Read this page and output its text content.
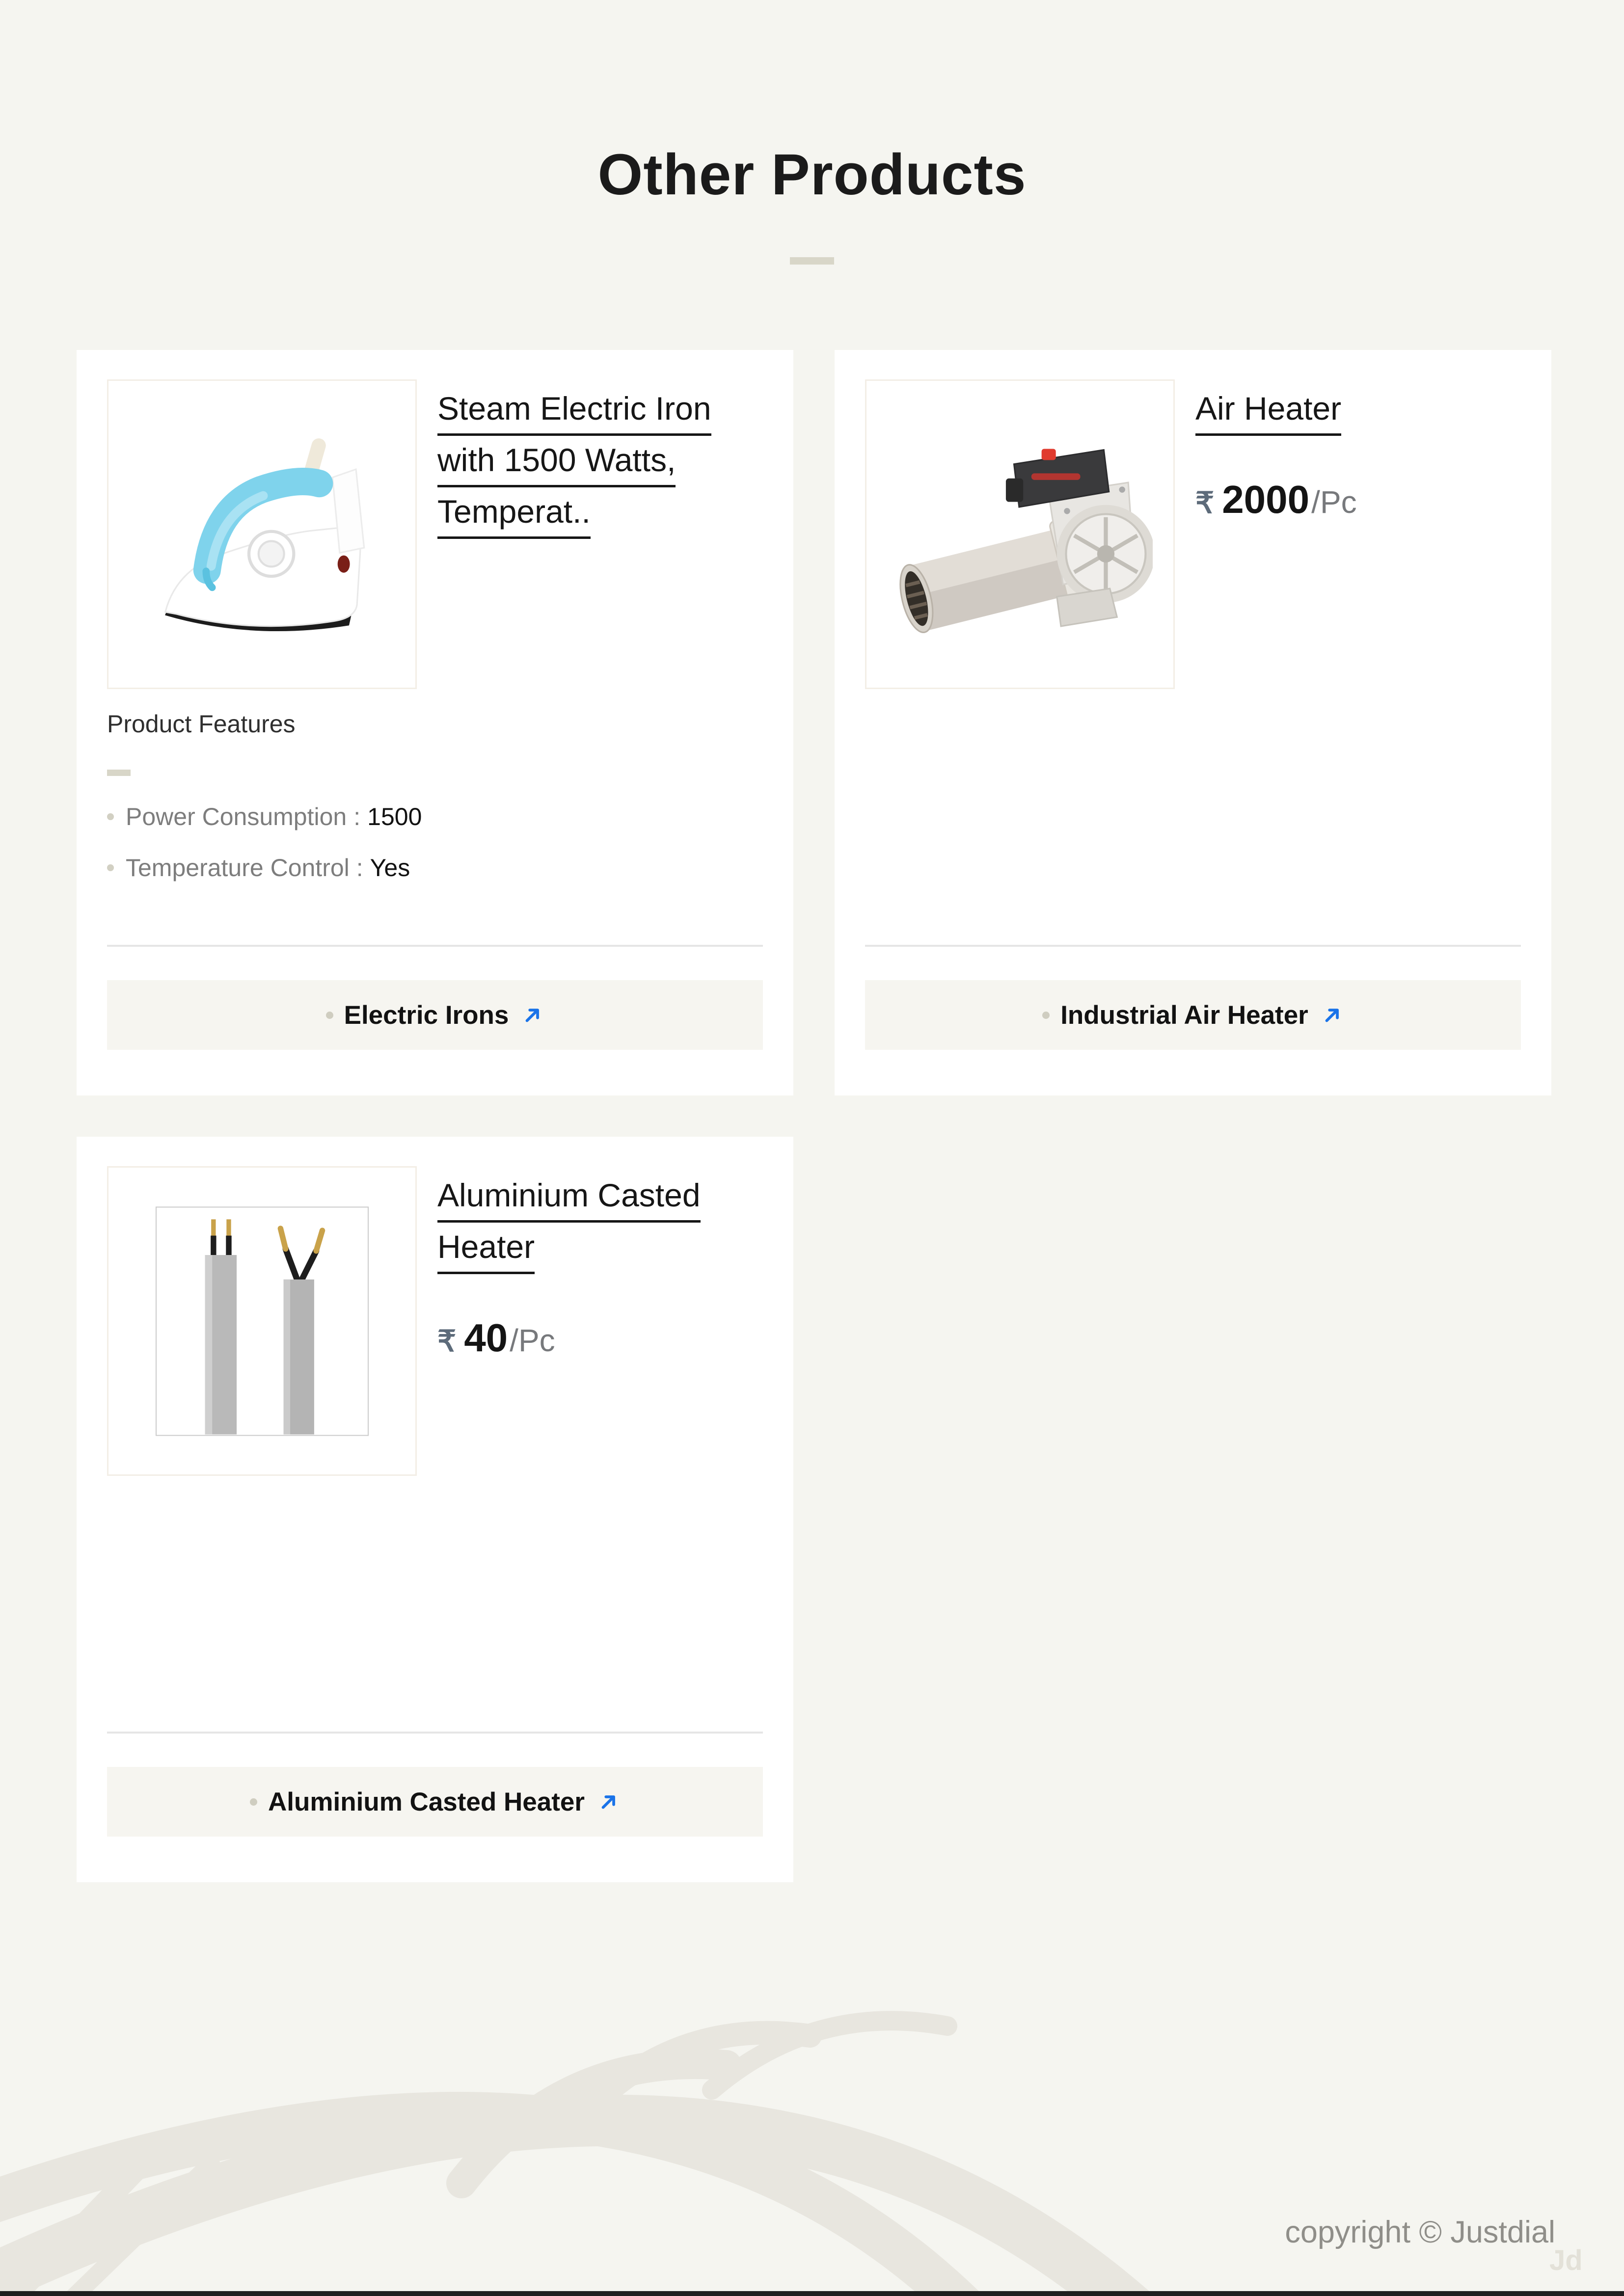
Other Products
Steam Electric Iron
with 1500 Watts,
Temperat..
Product Features
Power Consumption : 1500
Temperature Control : Yes
Electric Irons
Air Heater
₹ 2000 /Pc
Industrial Air Heater
Aluminium Casted
Heater
₹ 40 /Pc
Aluminium Casted Heater
copyright © Justdial
Jd
